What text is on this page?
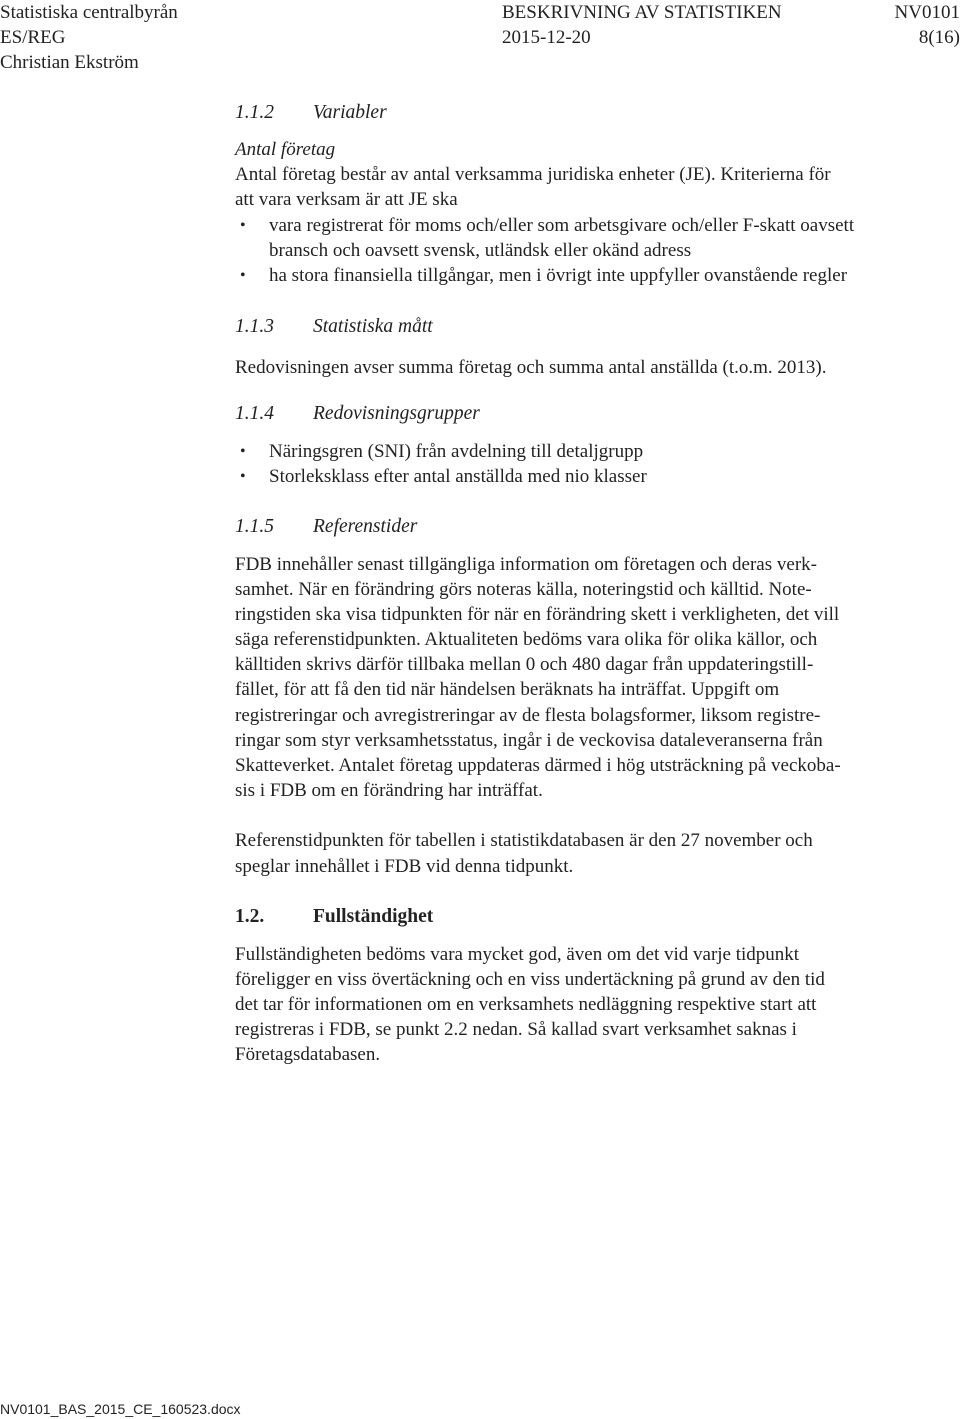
Statistiska centralbyrån
ES/REG
Christian Ekström
BESKRIVNING AV STATISTIKEN
2015-12-20
NV0101
8(16)
1.1.2 Variabler
Antal företag
Antal företag består av antal verksamma juridiska enheter (JE). Kriterierna för
att vara verksam är att JE ska
• vara registrerat för moms och/eller som arbetsgivare och/eller F-skatt oavsett
bransch och oavsett svensk, utländsk eller okänd adress
• ha stora finansiella tillgångar, men i övrigt inte uppfyller ovanstående regler
1.1.3 Statistiska mått
Redovisningen avser summa företag och summa antal anställda (t.o.m. 2013).
1.1.4 Redovisningsgrupper
• Näringsgren (SNI) från avdelning till detaljgrupp
• Storleksklass efter antal anställda med nio klasser
1.1.5 Referenstider
FDB innehåller senast tillgängliga information om företagen och deras verk-
samhet. När en förändring görs noteras källa, noteringstid och källtid. Note-
ringstiden ska visa tidpunkten för när en förändring skett i verkligheten, det vill
säga referenstidpunkten. Aktualiteten bedöms vara olika för olika källor, och
källtiden skrivs därför tillbaka mellan 0 och 480 dagar från uppdateringstill-
fället, för att få den tid när händelsen beräknats ha inträffat. Uppgift om
registreringar och avregistreringar av de flesta bolagsformer, liksom registre-
ringar som styr verksamhetsstatus, ingår i de veckovisa dataleveranserna från
Skatteverket. Antalet företag uppdateras därmed i hög utsträckning på veckoba-
sis i FDB om en förändring har inträffat.
Referenstidpunkten för tabellen i statistikdatabasen är den 27 november och
speglar innehållet i FDB vid denna tidpunkt.
1.2.	Fullständighet
Fullständigheten bedöms vara mycket god, även om det vid varje tidpunkt
föreligger en viss övertäckning och en viss undertäckning på grund av den tid
det tar för informationen om en verksamhets nedläggning respektive start att
registreras i FDB, se punkt 2.2 nedan. Så kallad svart verksamhet saknas i
Företagsdatabasen.
NV0101_BAS_2015_CE_160523.docx
